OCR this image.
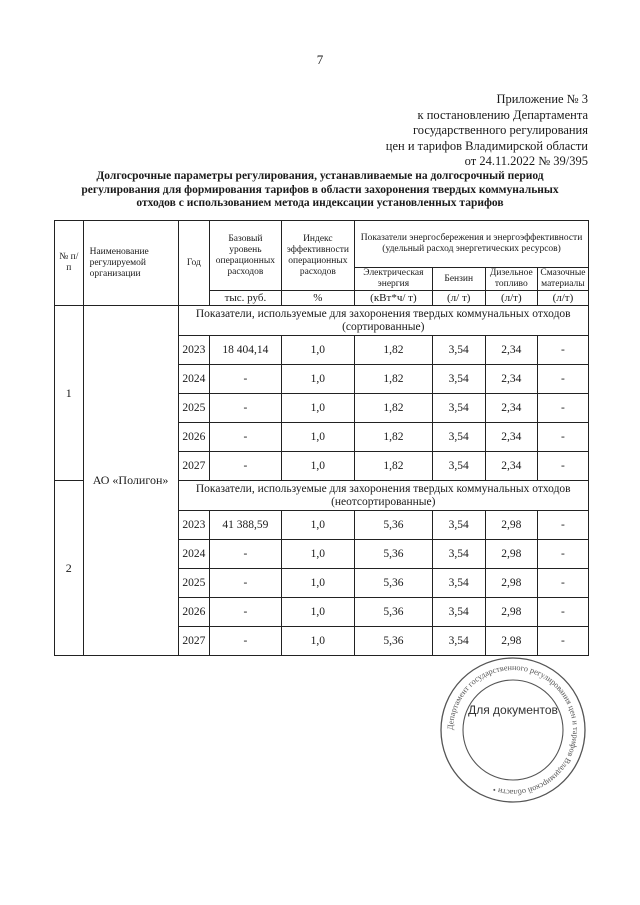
7
Приложение № 3
к постановлению Департамента
государственного регулирования
цен и тарифов Владимирской области
от 24.11.2022 № 39/395
Долгосрочные параметры регулирования, устанавливаемые на долгосрочный период
регулирования для формирования тарифов в области захоронения твердых коммунальных
отходов с использованием метода индексации установленных тарифов
№ п/п	Наименование регулируемой организации	Год	Базовый уровень операционных расходов	Индекс эффективности операционных расходов	Показатели энергосбережения и энергоэффективности (удельный расход энергетических ресурсов)			
					Электрическая энергия	Бензин	Дизельное топливо	Смазочные материалы
			тыс. руб.	%	(кВт*ч/ т)	(л/ т)	(л/т)	(л/т)
1	АО «Полигон»	Показатели, используемые для захоронения твердых коммунальных отходов (сортированные)						
		2023	18 404,14	1,0	1,82	3,54	2,34	-
		2024	-	1,0	1,82	3,54	2,34	-
		2025	-	1,0	1,82	3,54	2,34	-
		2026	-	1,0	1,82	3,54	2,34	-
		2027	-	1,0	1,82	3,54	2,34	-
2		Показатели, используемые для захоронения твердых коммунальных отходов (неотсортированные)						
		2023	41 388,59	1,0	5,36	3,54	2,98	-
		2024	-	1,0	5,36	3,54	2,98	-
		2025	-	1,0	5,36	3,54	2,98	-
		2026	-	1,0	5,36	3,54	2,98	-
		2027	-	1,0	5,36	3,54	2,98	-
Департамент государственного регулирования цен и тарифов Владимирской области •
Для документов
